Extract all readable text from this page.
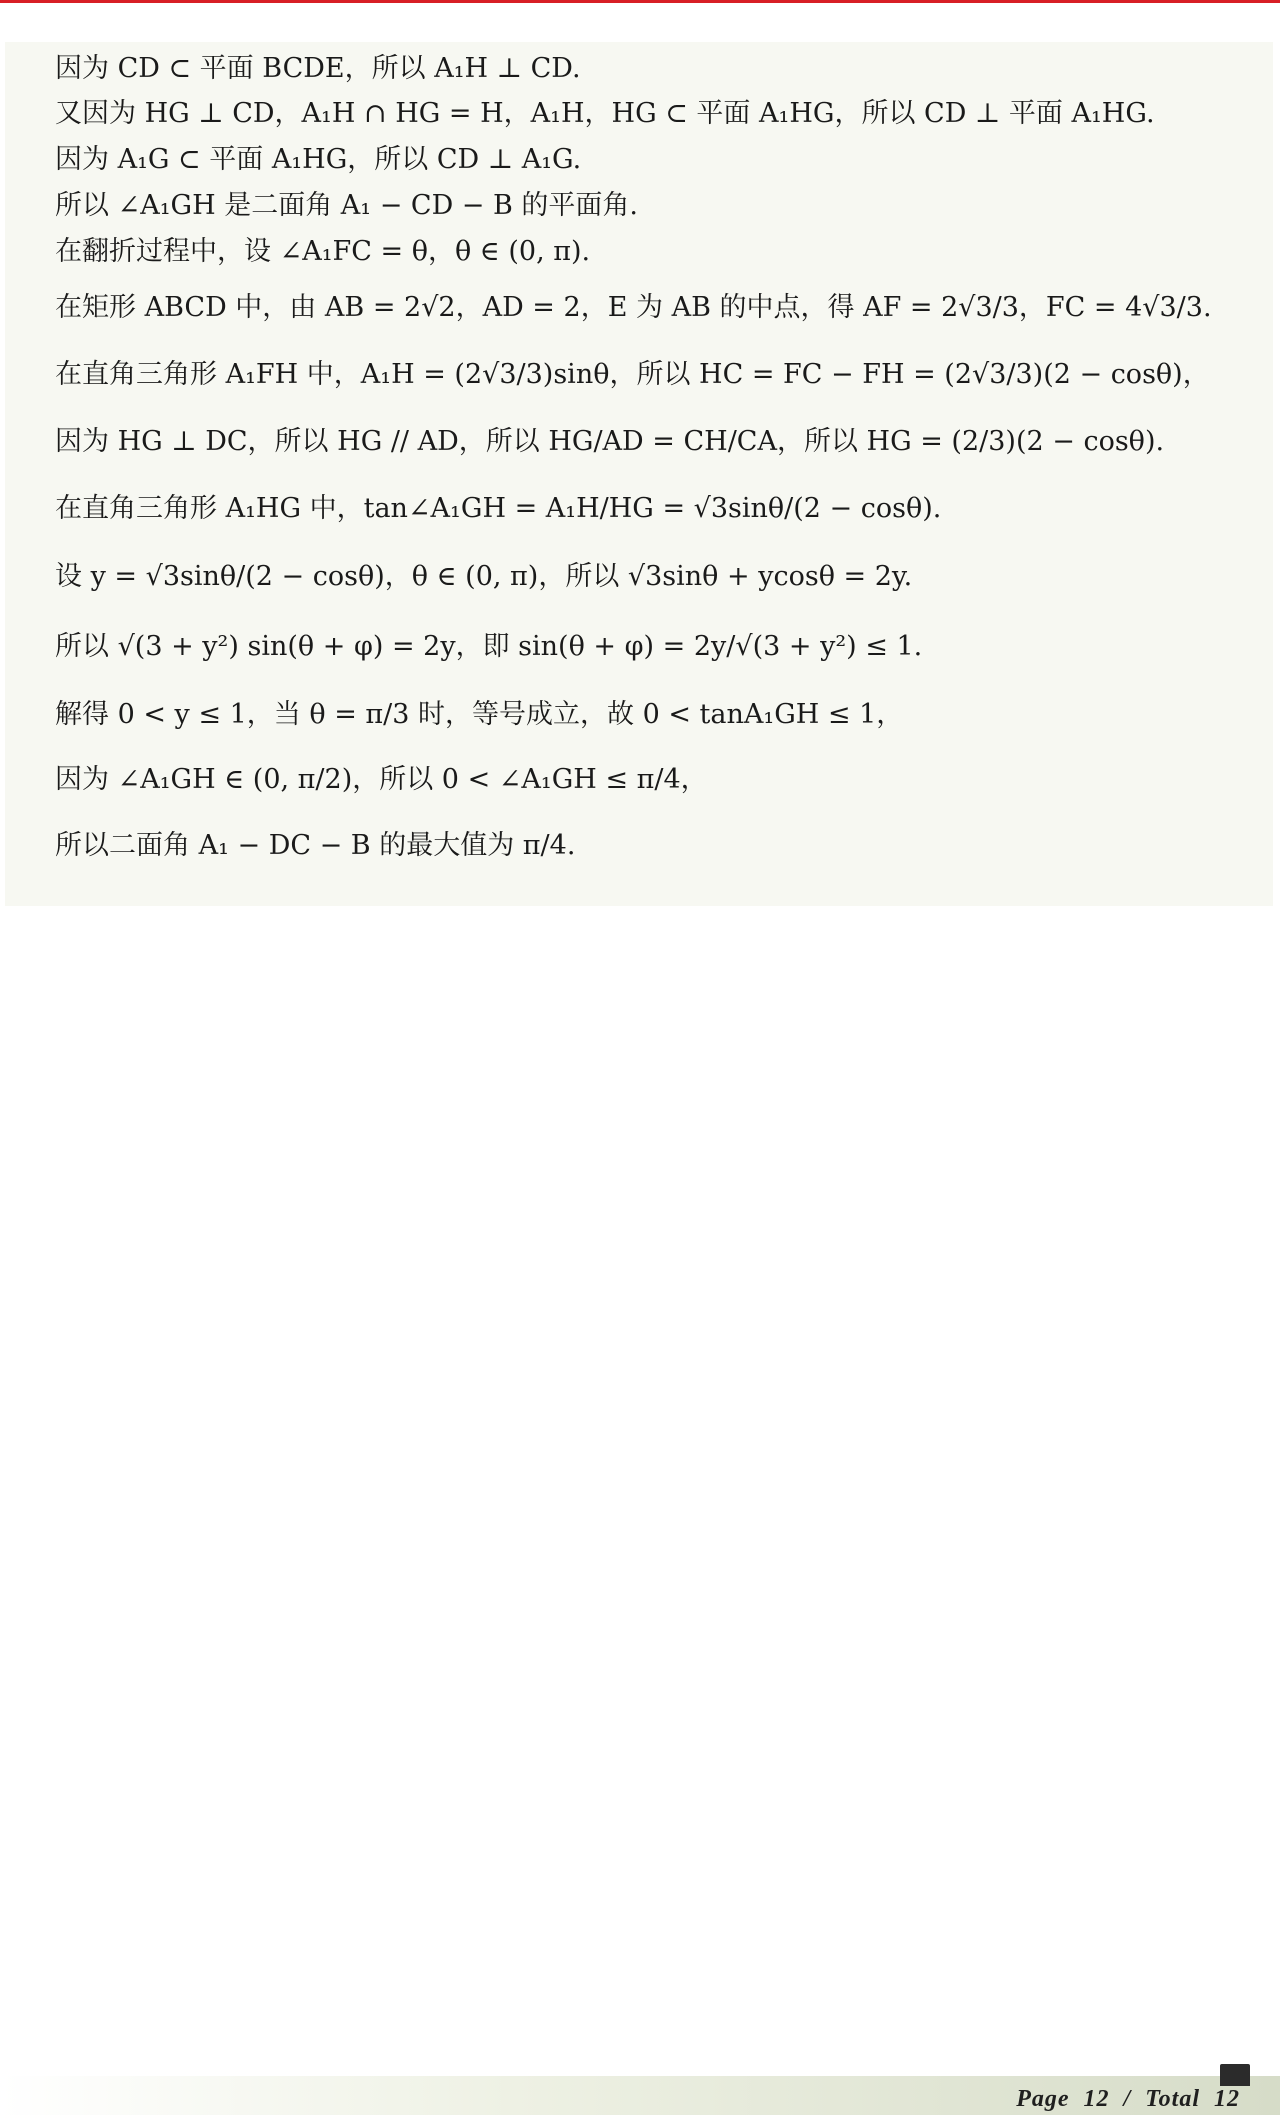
因为 CD ⊂ 平面 BCDE，所以 A₁H ⊥ CD.
又因为 HG ⊥ CD，A₁H ∩ HG = H，A₁H，HG ⊂ 平面 A₁HG，所以 CD ⊥ 平面 A₁HG.
因为 A₁G ⊂ 平面 A₁HG，所以 CD ⊥ A₁G.
所以 ∠A₁GH 是二面角 A₁ − CD − B 的平面角.
在翻折过程中，设 ∠A₁FC = θ，θ ∈ (0, π).
在矩形 ABCD 中，由 AB = 2√2，AD = 2，E 为 AB 的中点，得 AF = 2√3/3，FC = 4√3/3.
在直角三角形 A₁FH 中，A₁H = (2√3/3)sinθ，所以 HC = FC − FH = (2√3/3)(2 − cosθ)，
因为 HG ⊥ DC，所以 HG // AD，所以 HG/AD = CH/CA，所以 HG = (2/3)(2 − cosθ).
在直角三角形 A₁HG 中，tan∠A₁GH = A₁H/HG = √3sinθ/(2 − cosθ).
设 y = √3sinθ/(2 − cosθ)，θ ∈ (0, π)，所以 √3sinθ + ycosθ = 2y.
所以 √(3 + y²) sin(θ + φ) = 2y，即 sin(θ + φ) = 2y/√(3 + y²) ≤ 1.
解得 0 < y ≤ 1，当 θ = π/3 时，等号成立，故 0 < tanA₁GH ≤ 1，
因为 ∠A₁GH ∈ (0, π/2)，所以 0 < ∠A₁GH ≤ π/4，
所以二面角 A₁ − DC − B 的最大值为 π/4.
Page 12 / Total 12
